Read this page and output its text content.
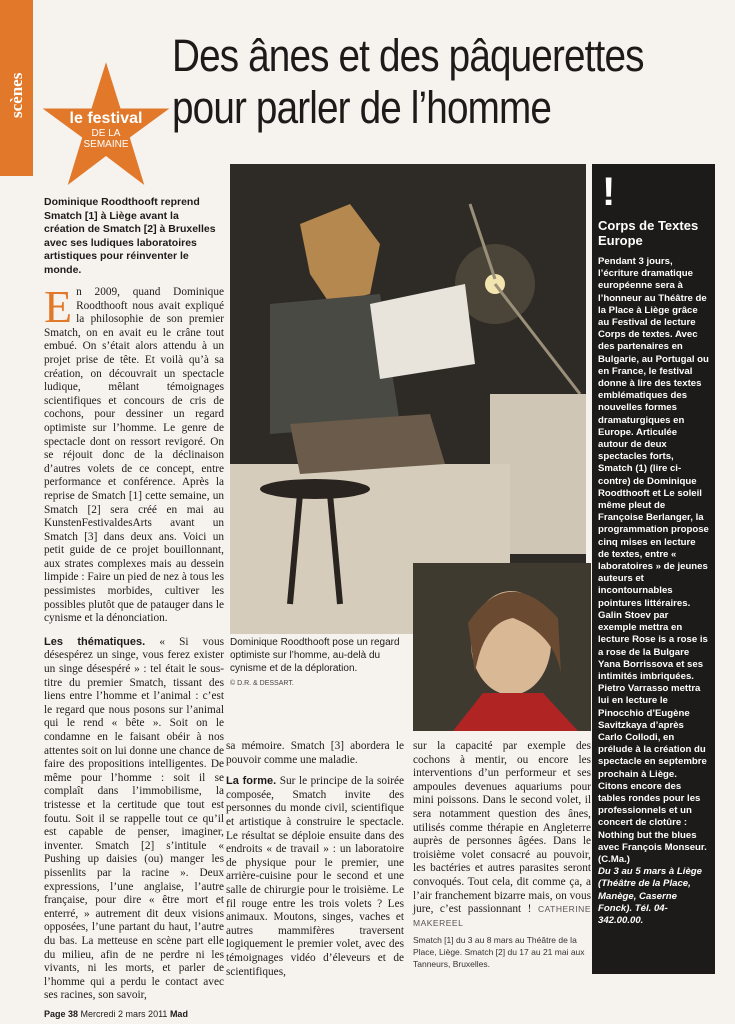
scènes
le festival
DE LA
SEMAINE
Des ânes et des pâquerettes pour parler de l’homme
Dominique Roodthooft reprend Smatch [1] à Liège avant la création de Smatch [2] à Bruxelles avec ses ludiques laboratoires artistiques pour réinventer le monde.

En 2009, quand Dominique Roodthooft nous avait expliqué la philosophie de son premier Smatch, on en avait eu le crâne tout embué. On s’était alors attendu à un projet prise de tête. Et voilà qu’à sa création, on découvrait un spectacle ludique, mêlant témoignages scientifiques et concours de cris de cochons, pour dessiner un regard optimiste sur l’homme. Le genre de spectacle dont on ressort revigoré. On se réjouit donc de la déclinaison d’autres volets de ce concept, entre performance et conférence. Après la reprise de Smatch [1] cette semaine, un Smatch [2] sera créé en mai au KunstenFestivaldesArts avant un Smatch [3] dans deux ans. Voici un petit guide de ce projet bouillonnant, aux strates complexes mais au dessein limpide : Faire un pied de nez à tous les pessimistes morbides, cultiver les possibles plutôt que de patauger dans le cynisme et la dénonciation.

Les thématiques. « Si vous désespérez un singe, vous ferez exister un singe désespéré » : tel était le sous-titre du premier Smatch, tissant des liens entre l’homme et l’animal : c’est le regard que nous posons sur l’animal qui le rend « bête ». Soit on le condamne en le faisant obéir à nos attentes soit on lui donne une chance de faire des propositions intelligentes. De même pour l’homme : soit il se complaît dans l’immobilisme, la tristesse et la certitude que tout est foutu. Soit il se rappelle tout ce qu’il est capable de penser, imaginer, inventer. Smatch [2] s’intitule « Pushing up daisies (ou) manger les pissenlits par la racine ». Deux expressions, l’une anglaise, l’autre française, pour dire « être mort et enterré, » autrement dit deux visions opposées, l’une partant du haut, l’autre du bas. La metteuse en scène part elle du milieu, afin de ne perdre ni les vivants, ni les morts, et parler de l’homme qui a perdu le contact avec ses racines, son savoir,

sa mémoire. Smatch [3] abordera le pouvoir comme une maladie.

La forme. Sur le principe de la soirée composée, Smatch invite des personnes du monde civil, scientifique et artistique à construire le spectacle. Le résultat se déploie ensuite dans des endroits « de travail » : un laboratoire de physique pour le premier, une arrière-cuisine pour le second et une salle de chirurgie pour le troisième. Le fil rouge entre les trois volets ? Les animaux. Moutons, singes, vaches et autres mammifères traversent logiquement le premier volet, avec des témoignages vidéo d’éleveurs et de scientifiques,

sur la capacité par exemple des cochons à mentir, ou encore les interventions d’un performeur et ses ampoules devenues aquariums pour mini poissons. Dans le second volet, il sera notamment question des ânes, utilisés comme thérapie en Angleterre auprès de personnes âgées. Dans le troisième volet consacré au pouvoir, les bactéries et autres parasites seront convoqués. Tout cela, dit comme ça, a l’air franchement bizarre mais, on vous jure, c’est passionnant ! CATHERINE MAKEREEL

Dominique Roodthooft pose un regard optimiste sur l’homme, au-delà du cynisme et de la déploration.
© D.R. & DESSART.
Smatch [1] du 3 au 8 mars au Théâtre de la Place, Liège. Smatch [2] du 17 au 21 mai aux Tanneurs, Bruxelles.
!
Corps de Textes Europe
Pendant 3 jours, l’écriture dramatique européenne sera à l’honneur au Théâtre de la Place à Liège grâce au Festival de lecture Corps de textes. Avec des partenaires en Bulgarie, au Portugal ou en France, le festival donne à lire des textes emblématiques des nouvelles formes dramaturgiques en Europe. Articulée autour de deux spectacles forts, Smatch (1) (lire ci-contre) de Dominique Roodthooft et Le soleil même pleut de Françoise Berlanger, la programmation propose cinq mises en lecture de textes, entre « laboratoires » de jeunes auteurs et incontournables pointures littéraires. Galin Stoev par exemple mettra en lecture Rose is a rose is a rose de la Bulgare Yana Borrissova et ses intimités imbriquées. Pietro Varrasso mettra lui en lecture le Pinocchio d’Eugène Savitzkaya d’après Carlo Collodi, en prélude à la création du spectacle en septembre prochain à Liège. Citons encore des tables rondes pour les professionnels et un concert de clotûre : Nothing but the blues avec François Monseur. (C.Ma.)
Du 3 au 5 mars à Liège (Théâtre de la Place, Manège, Caserne Fonck). Tél. 04-342.00.00.
Page 38 Mercredi 2 mars 2011 Mad
